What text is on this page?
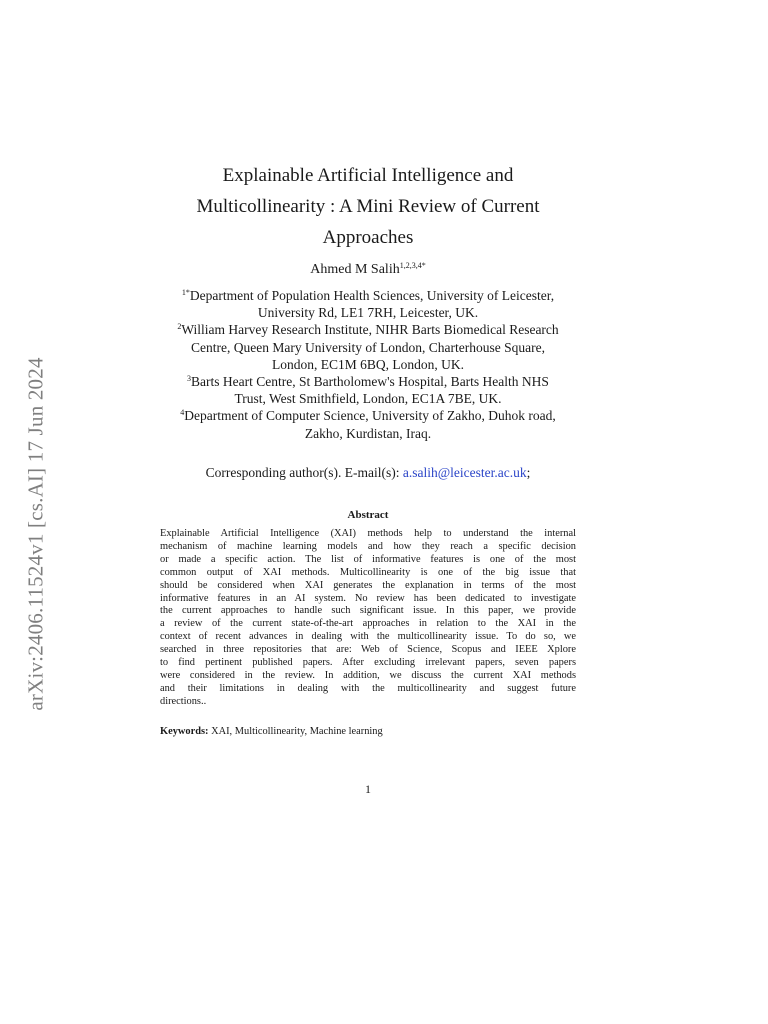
arXiv:2406.11524v1 [cs.AI] 17 Jun 2024
Explainable Artificial Intelligence and
Multicollinearity : A Mini Review of Current
Approaches
Ahmed M Salih$^{1,2,3,4*}$
$^{1*}$Department of Population Health Sciences, University of Leicester,
University Rd, LE1 7RH, Leicester, UK.
$^2$William Harvey Research Institute, NIHR Barts Biomedical Research
Centre, Queen Mary University of London, Charterhouse Square,
London, EC1M 6BQ, London, UK.
$^3$Barts Heart Centre, St Bartholomew's Hospital, Barts Health NHS
Trust, West Smithfield, London, EC1A 7BE, UK.
$^4$Department of Computer Science, University of Zakho, Duhok road,
Zakho, Kurdistan, Iraq.
Corresponding author(s). E-mail(s): a.salih@leicester.ac.uk;
Abstract
Explainable Artificial Intelligence (XAI) methods help to understand the internal
mechanism of machine learning models and how they reach a specific decision
or made a specific action. The list of informative features is one of the most
common output of XAI methods. Multicollinearity is one of the big issue that
should be considered when XAI generates the explanation in terms of the most
informative features in an AI system. No review has been dedicated to investigate
the current approaches to handle such significant issue. In this paper, we provide
a review of the current state-of-the-art approaches in relation to the XAI in the
context of recent advances in dealing with the multicollinearity issue. To do so, we
searched in three repositories that are: Web of Science, Scopus and IEEE Xplore
to find pertinent published papers. After excluding irrelevant papers, seven papers
were considered in the review. In addition, we discuss the current XAI methods
and their limitations in dealing with the multicollinearity and suggest future
directions..
Keywords: XAI, Multicollinearity, Machine learning
1
